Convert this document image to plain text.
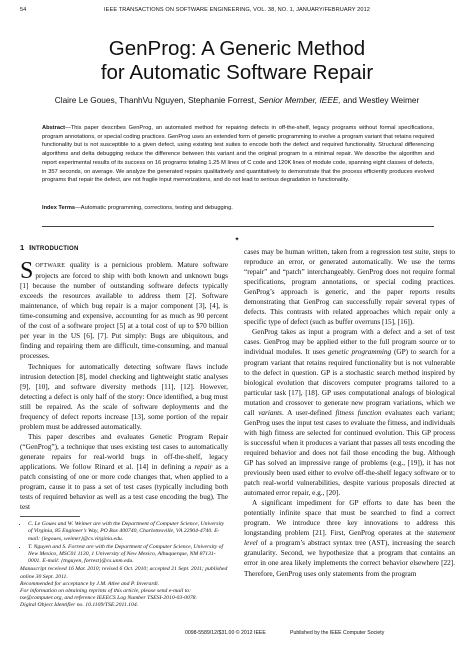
54	IEEE TRANSACTIONS ON SOFTWARE ENGINEERING, VOL. 38, NO. 1, JANUARY/FEBRUARY 2012
GenProg: A Generic Method
for Automatic Software Repair
Claire Le Goues, ThanhVu Nguyen, Stephanie Forrest, Senior Member, IEEE, and Westley Weimer
Abstract—This paper describes GenProg, an automated method for repairing defects in off-the-shelf, legacy programs without formal specifications, program annotations, or special coding practices. GenProg uses an extended form of genetic programming to evolve a program variant that retains required functionality but is not susceptible to a given defect, using existing test suites to encode both the defect and required functionality. Structural differencing algorithms and delta debugging reduce the difference between this variant and the original program to a minimal repair. We describe the algorithm and report experimental results of its success on 16 programs totaling 1.25 M lines of C code and 120K lines of module code, spanning eight classes of defects, in 357 seconds, on average. We analyze the generated repairs qualitatively and quantitatively to demonstrate that the process efficiently produces evolved programs that repair the defect, are not fragile input memorizations, and do not lead to serious degradation in functionality.
Index Terms—Automatic programming, corrections, testing and debugging.
✦
1 INTRODUCTION

SOFTWARE quality is a pernicious problem. Mature software projects are forced to ship with both known and unknown bugs [1] because the number of outstanding software defects typically exceeds the resources available to address them [2]. Software maintenance, of which bug repair is a major component [3], [4], is time-consuming and expensive, accounting for as much as 90 percent of the cost of a software project [5] at a total cost of up to $70 billion per year in the US [6], [7]. Put simply: Bugs are ubiquitous, and finding and repairing them are difficult, time-consuming, and manual processes.

Techniques for automatically detecting software flaws include intrusion detection [8], model checking and lightweight static analyses [9], [10], and software diversity methods [11], [12]. However, detecting a defect is only half of the story: Once identified, a bug must still be repaired. As the scale of software deployments and the frequency of defect reports increase [13], some portion of the repair problem must be addressed automatically.

This paper describes and evaluates Genetic Program Repair (“GenProg”), a technique that uses existing test cases to automatically generate repairs for real-world bugs in off-the-shelf, legacy applications. We follow Rinard et al. [14] in defining a repair as a patch consisting of one or more code changes that, when applied to a program, cause it to pass a set of test cases (typically including both tests of required behavior as well as a test case encoding the bug). The test

• C. Le Goues and W. Weimer are with the Department of Computer Science, University of Virginia, 85 Engineer’s Way, PO Box 400740, Charlottesville, VA 22904-4740. E-mail: {legoues, weimer}@cs.virginia.edu.
• T. Nguyen and S. Forrest are with the Department of Computer Science, University of New Mexico, MSC01 1130, 1 University of New Mexico, Albuquerque, NM 87131-0001. E-mail: {tnguyen, forrest}@cs.unm.edu.
Manuscript received 16 Mar. 2010; revised 6 Oct. 2010; accepted 21 Sept. 2011; published online 30 Sept. 2011.
Recommended for acceptance by J.M. Atlee and P. Inverardi.
For information on obtaining reprints of this article, please send e-mail to: tse@computer.org, and reference IEEECS Log Number TSESI-2010-03-0078.
Digital Object Identifier no. 10.1109/TSE.2011.104.

cases may be human written, taken from a regression test suite, steps to reproduce an error, or generated automatically. We use the terms “repair” and “patch” interchangeably. GenProg does not require formal specifications, program annotations, or special coding practices. GenProg’s approach is generic, and the paper reports results demonstrating that GenProg can successfully repair several types of defects. This contrasts with related approaches which repair only a specific type of defect (such as buffer overruns [15], [16]).

GenProg takes as input a program with a defect and a set of test cases. GenProg may be applied either to the full program source or to individual modules. It uses genetic programming (GP) to search for a program variant that retains required functionality but is not vulnerable to the defect in question. GP is a stochastic search method inspired by biological evolution that discovers computer programs tailored to a particular task [17], [18]. GP uses computational analogs of biological mutation and crossover to generate new program variations, which we call variants. A user-defined fitness function evaluates each variant; GenProg uses the input test cases to evaluate the fitness, and individuals with high fitness are selected for continued evolution. This GP process is successful when it produces a variant that passes all tests encoding the required behavior and does not fail those encoding the bug. Although GP has solved an impressive range of problems (e.g., [19]), it has not previously been used either to evolve off-the-shelf legacy software or to patch real-world vulnerabilities, despite various proposals directed at automated error repair, e.g., [20].

A significant impediment for GP efforts to date has been the potentially infinite space that must be searched to find a correct program. We introduce three key innovations to address this longstanding problem [21]. First, GenProg operates at the statement level of a program’s abstract syntax tree (AST), increasing the search granularity. Second, we hypothesize that a program that contains an error in one area likely implements the correct behavior elsewhere [22]. Therefore, GenProg uses only statements from the program

0098-5589/12/$31.00 © 2012 IEEE	Published by the IEEE Computer Society
